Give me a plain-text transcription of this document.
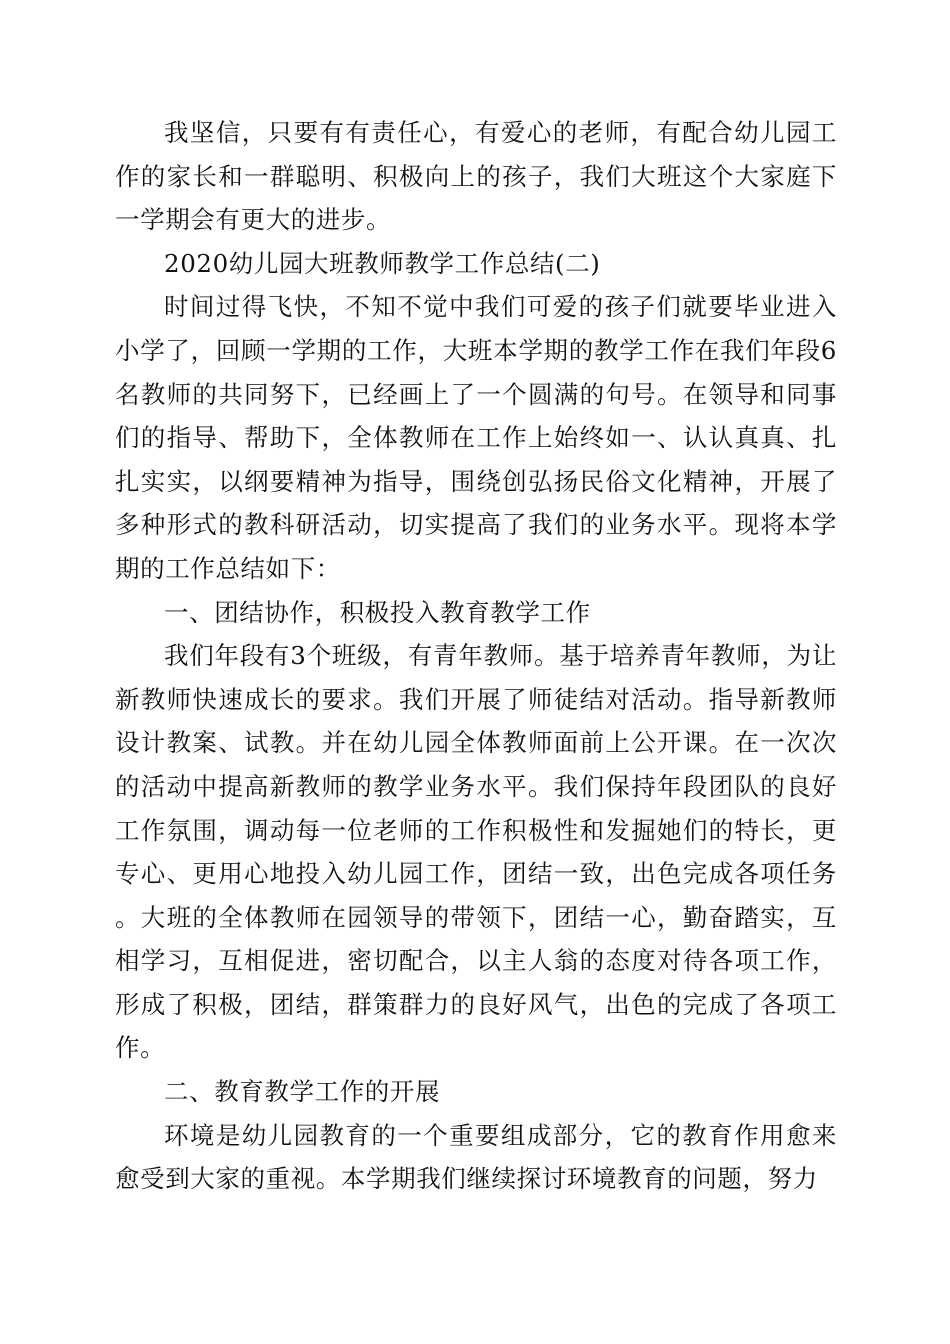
我坚信，只要有有责任心，有爱心的老师，有配合幼儿园工作的家长和一群聪明、积极向上的孩子，我们大班这个大家庭下一学期会有更大的进步。

2020幼儿园大班教师教学工作总结(二)

时间过得飞快，不知不觉中我们可爱的孩子们就要毕业进入小学了，回顾一学期的工作，大班本学期的教学工作在我们年段6名教师的共同努下，已经画上了一个圆满的句号。在领导和同事们的指导、帮助下，全体教师在工作上始终如一、认认真真、扎扎实实，以纲要精神为指导，围绕创弘扬民俗文化精神，开展了多种形式的教科研活动，切实提高了我们的业务水平。现将本学期的工作总结如下：

一、团结协作，积极投入教育教学工作

我们年段有3个班级，有青年教师。基于培养青年教师，为让新教师快速成长的要求。我们开展了师徒结对活动。指导新教师设计教案、试教。并在幼儿园全体教师面前上公开课。在一次次的活动中提高新教师的教学业务水平。我们保持年段团队的良好工作氛围，调动每一位老师的工作积极性和发掘她们的特长，更专心、更用心地投入幼儿园工作，团结一致，出色完成各项任务。大班的全体教师在园领导的带领下，团结一心，勤奋踏实，互相学习，互相促进，密切配合，以主人翁的态度对待各项工作，形成了积极，团结，群策群力的良好风气，出色的完成了各项工作。

二、教育教学工作的开展

环境是幼儿园教育的一个重要组成部分，它的教育作用愈来愈受到大家的重视。本学期我们继续探讨环境教育的问题，努力
